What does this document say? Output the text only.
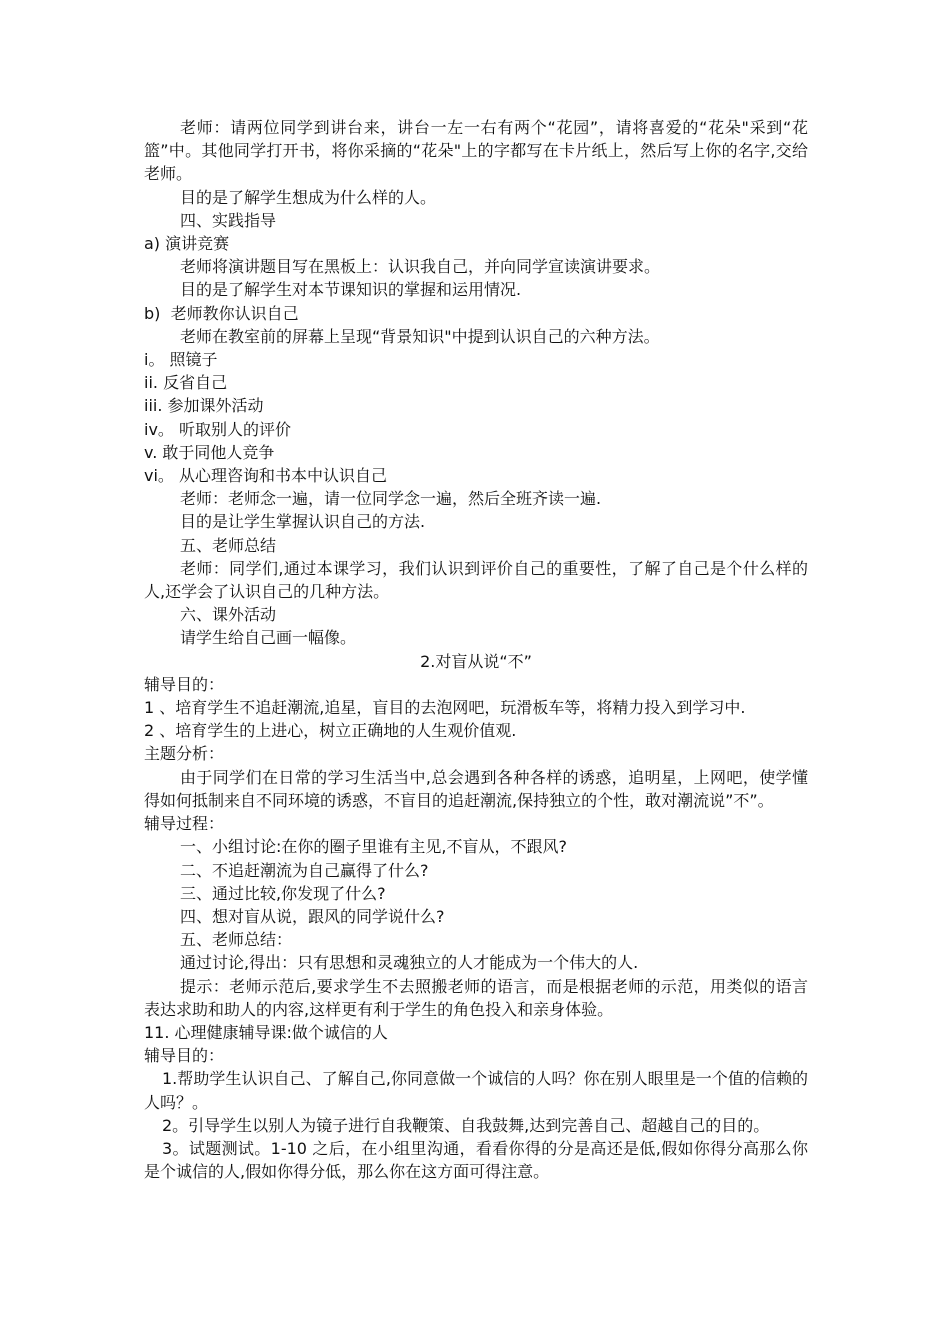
老师：请两位同学到讲台来，讲台一左一右有两个“花园”，请将喜爱的“花朵"采到“花篮”中。其他同学打开书，将你采摘的“花朵"上的字都写在卡片纸上，然后写上你的名字,交给老师。

目的是了解学生想成为什么样的人。

四、实践指导

a) 演讲竞赛

老师将演讲题目写在黑板上：认识我自己，并向同学宣读演讲要求。

目的是了解学生对本节课知识的掌握和运用情况.

b)  老师教你认识自己

老师在教室前的屏幕上呈现“背景知识"中提到认识自己的六种方法。

i。 照镜子

ii. 反省自己

iii. 参加课外活动

iv。 听取别人的评价

v. 敢于同他人竞争

vi。 从心理咨询和书本中认识自己

老师：老师念一遍，请一位同学念一遍，然后全班齐读一遍.

目的是让学生掌握认识自己的方法.

五、老师总结

老师：同学们,通过本课学习，我们认识到评价自己的重要性，了解了自己是个什么样的人,还学会了认识自己的几种方法。

六、课外活动

请学生给自己画一幅像。

2.对盲从说“不”

辅导目的：

1 、培育学生不追赶潮流,追星，盲目的去泡网吧，玩滑板车等，将精力投入到学习中.

2 、培育学生的上进心，树立正确地的人生观价值观.

主题分析：

由于同学们在日常的学习生活当中,总会遇到各种各样的诱惑，追明星，上网吧，使学懂得如何抵制来自不同环境的诱惑，不盲目的追赶潮流,保持独立的个性，敢对潮流说”不”。

辅导过程：

一、小组讨论:在你的圈子里谁有主见,不盲从，不跟风?

二、不追赶潮流为自己赢得了什么?

三、通过比较,你发现了什么?

四、想对盲从说，跟风的同学说什么?

五、老师总结：

通过讨论,得出：只有思想和灵魂独立的人才能成为一个伟大的人.

提示：老师示范后,要求学生不去照搬老师的语言，而是根据老师的示范，用类似的语言表达求助和助人的内容,这样更有利于学生的角色投入和亲身体验。

11. 心理健康辅导课:做个诚信的人

辅导目的：

1.帮助学生认识自己、了解自己,你同意做一个诚信的人吗？你在别人眼里是一个值的信赖的人吗？。

2。引导学生以别人为镜子进行自我鞭策、自我鼓舞,达到完善自己、超越自己的目的。

3。试题测试。1-10 之后，在小组里沟通，看看你得的分是高还是低,假如你得分高那么你是个诚信的人,假如你得分低，那么你在这方面可得注意。
